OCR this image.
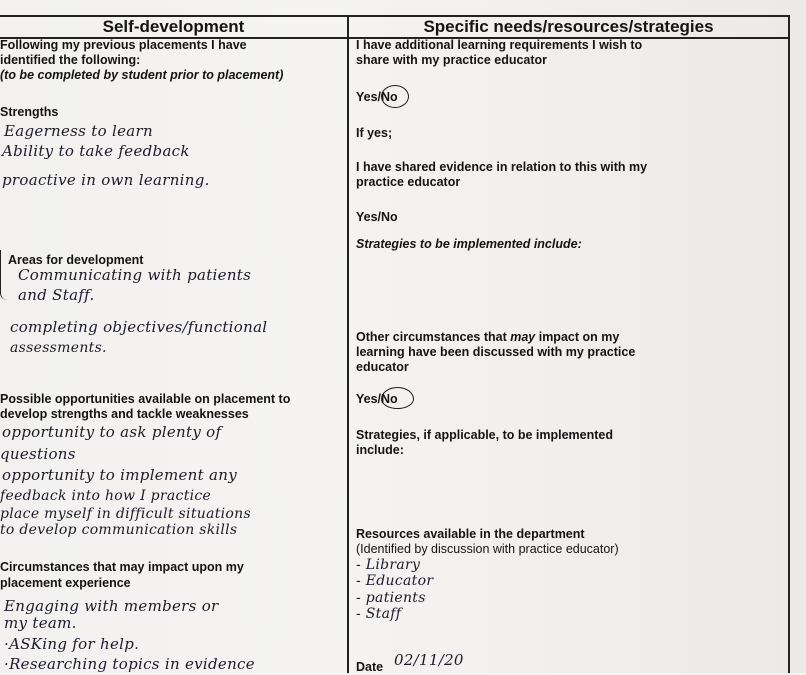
Self-development	Specific needs/resources/strategies
Following my previous placements I have
identified the following:
(to be completed by student prior to placement)
Strengths
Eagerness to learn
Ability to take feedback
proactive in own learning.
Areas for development
Communicating with patients
and Staff.
completing objectives/functional
assessments.
Possible opportunities available on placement to
develop strengths and tackle weaknesses
opportunity to ask plenty of
questions
opportunity to implement any
feedback into how I practice
place myself in difficult situations
to develop communication skills
Circumstances that may impact upon my
placement experience
Engaging with members or
my team.
·ASKing for help.
·Researching topics in evidence
I have additional learning requirements I wish to
share with my practice educator
Yes/No
If yes;
I have shared evidence in relation to this with my
practice educator
Yes/No
Strategies to be implemented include:
Other circumstances that may impact on my
learning have been discussed with my practice
educator
Yes/No
Strategies, if applicable, to be implemented
include:
Resources available in the department
(Identified by discussion with practice educator)
- Library
- Educator
- patients
- Staff
Date 02/11/20
